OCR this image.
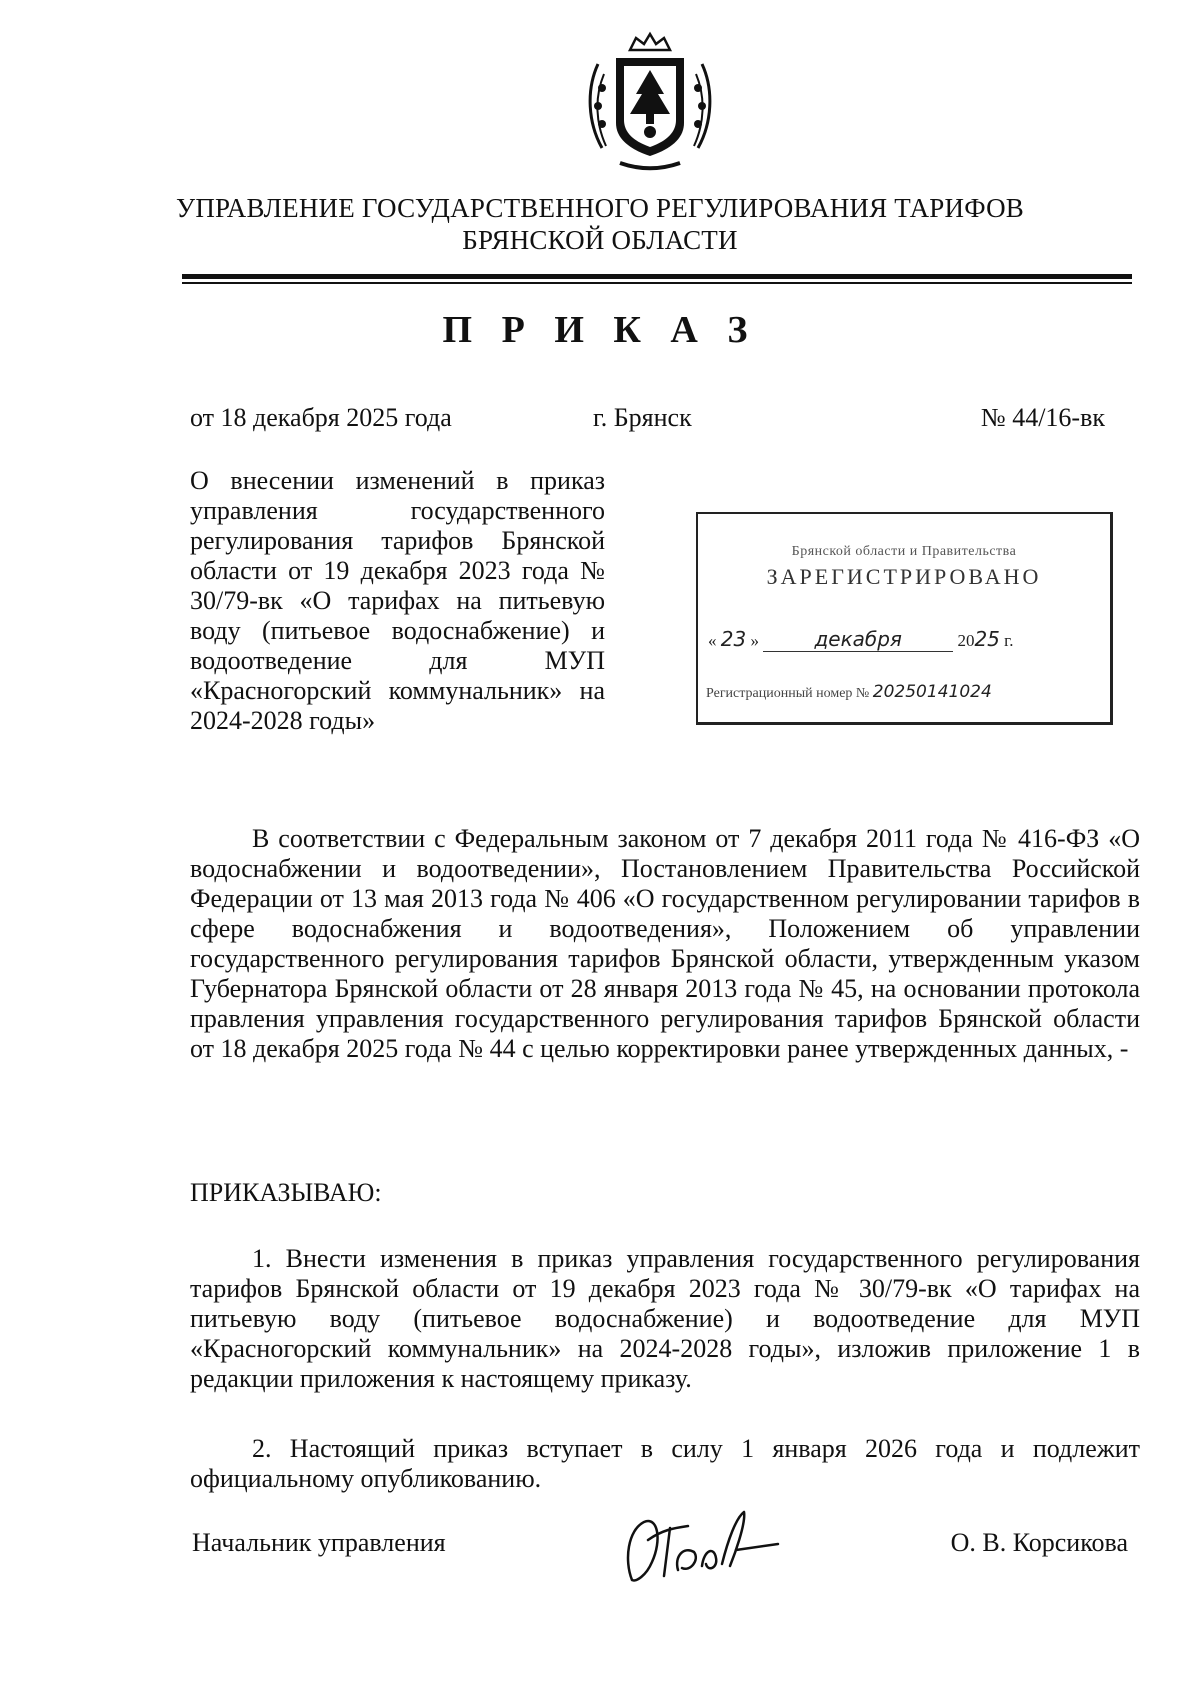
УПРАВЛЕНИЕ ГОСУДАРСТВЕННОГО РЕГУЛИРОВАНИЯ ТАРИФОВ
БРЯНСКОЙ ОБЛАСТИ
П Р И К А З
от 18 декабря 2025 года	г. Брянск	№ 44/16-вк
О внесении изменений в приказ управления государственного регулирования тарифов Брянской области от 19 декабря 2023 года № 30/79-вк «О тарифах на питьевую воду (питьевое водоснабжение) и водоотведение для МУП «Красногорский коммунальник» на 2024-2028 годы»
Брянской области и Правительства
ЗАРЕГИСТРИРОВАНО
« 23 »	декабря	2025 г.
Регистрационный номер № 20250141024
В соответствии с Федеральным законом от 7 декабря 2011 года № 416-ФЗ «О водоснабжении и водоотведении», Постановлением Правительства Российской Федерации от 13 мая 2013 года № 406 «О государственном регулировании тарифов в сфере водоснабжения и водоотведения», Положением об управлении государственного регулирования тарифов Брянской области, утвержденным указом Губернатора Брянской области от 28 января 2013 года № 45, на основании протокола правления управления государственного регулирования тарифов Брянской области от 18 декабря 2025 года № 44 с целью корректировки ранее утвержденных данных, -
ПРИКАЗЫВАЮ:
1. Внести изменения в приказ управления государственного регулирования тарифов Брянской области от 19 декабря 2023 года № 30/79-вк «О тарифах на питьевую воду (питьевое водоснабжение) и водоотведение для МУП «Красногорский коммунальник» на 2024-2028 годы», изложив приложение 1 в редакции приложения к настоящему приказу.
2. Настоящий приказ вступает в силу 1 января 2026 года и подлежит официальному опубликованию.
Начальник управления	О. В. Корсикова
